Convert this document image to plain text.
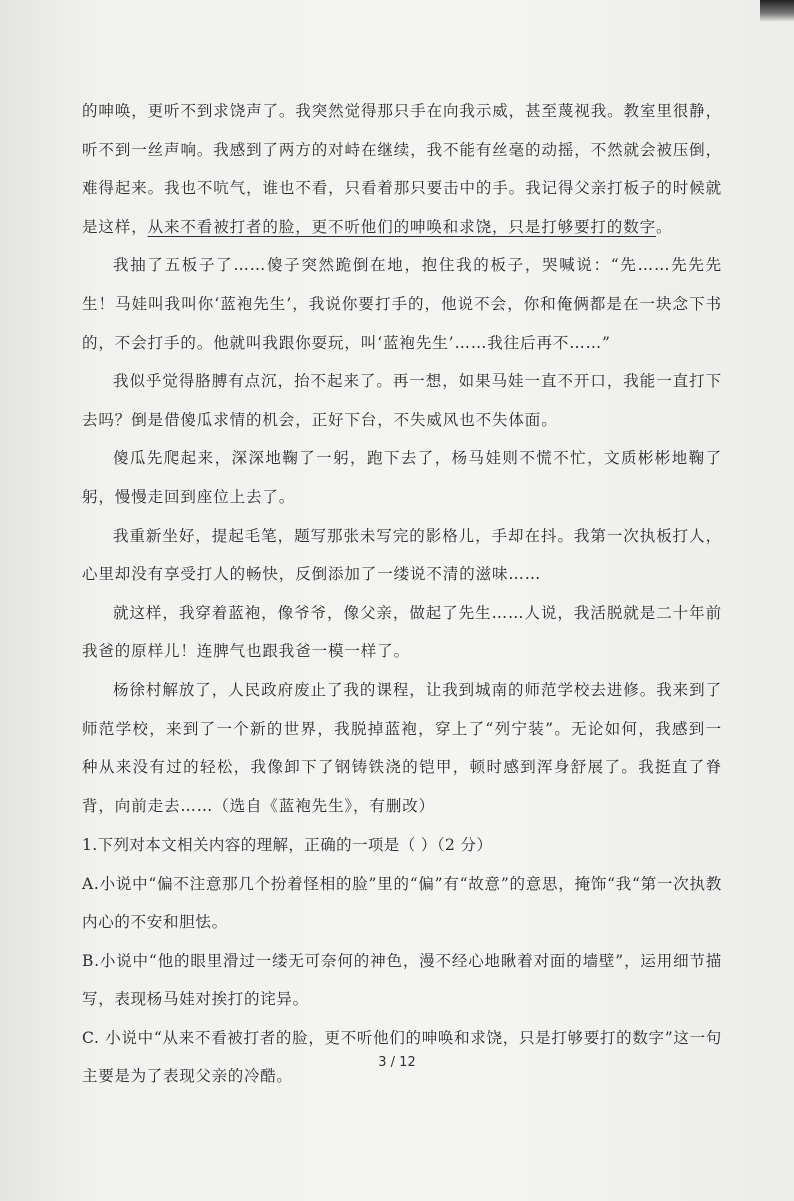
的呻唤，更听不到求饶声了。我突然觉得那只手在向我示威，甚至蔑视我。教室里很静，听不到一丝声响。我感到了两方的对峙在继续，我不能有丝毫的动摇，不然就会被压倒，难得起来。我也不吭气，谁也不看，只看着那只要击中的手。我记得父亲打板子的时候就是这样，从来不看被打者的脸，更不听他们的呻唤和求饶，只是打够要打的数字。

我抽了五板子了……傻子突然跪倒在地，抱住我的板子，哭喊说：“先……先先先生！马娃叫我叫你‘蓝袍先生’，我说你要打手的，他说不会，你和俺俩都是在一块念下书的，不会打手的。他就叫我跟你耍玩，叫‘蓝袍先生’……我往后再不……”

我似乎觉得胳膊有点沉，抬不起来了。再一想，如果马娃一直不开口，我能一直打下去吗？倒是借傻瓜求情的机会，正好下台，不失威风也不失体面。

傻瓜先爬起来，深深地鞠了一躬，跑下去了，杨马娃则不慌不忙，文质彬彬地鞠了躬，慢慢走回到座位上去了。

我重新坐好，提起毛笔，题写那张未写完的影格儿，手却在抖。我第一次执板打人，心里却没有享受打人的畅快，反倒添加了一缕说不清的滋味……

就这样，我穿着蓝袍，像爷爷，像父亲，做起了先生……人说，我活脱就是二十年前我爸的原样儿！连脾气也跟我爸一模一样了。

杨徐村解放了，人民政府废止了我的课程，让我到城南的师范学校去进修。我来到了师范学校，来到了一个新的世界，我脱掉蓝袍，穿上了“列宁装”。无论如何，我感到一种从来没有过的轻松，我像卸下了钢铸铁浇的铠甲，顿时感到浑身舒展了。我挺直了脊背，向前走去……（选自《蓝袍先生》，有删改）

1.下列对本文相关内容的理解，正确的一项是（ ）（2 分）

A.小说中“偏不注意那几个扮着怪相的脸”里的“偏”有“故意”的意思，掩饰“我“第一次执教内心的不安和胆怯。

B.小说中“他的眼里滑过一缕无可奈何的神色，漫不经心地瞅着对面的墙壁”，运用细节描写，表现杨马娃对挨打的诧异。

C. 小说中“从来不看被打者的脸，更不听他们的呻唤和求饶，只是打够要打的数字”这一句主要是为了表现父亲的冷酷。

3 / 12
